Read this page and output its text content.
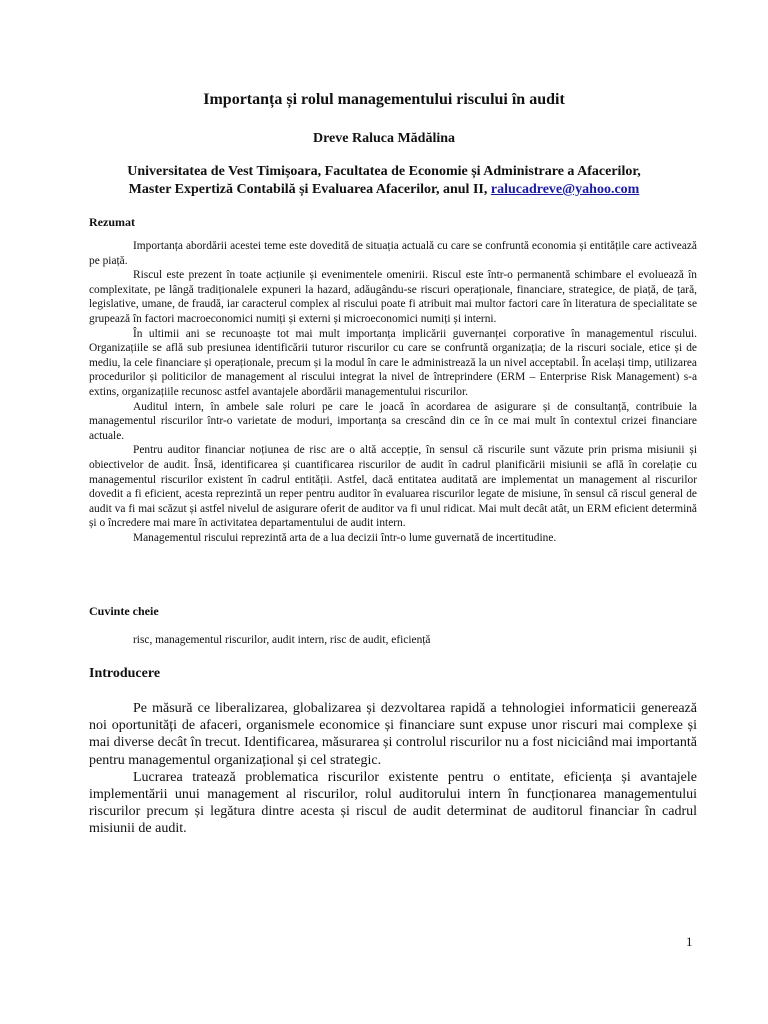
Importanța și rolul managementului riscului în audit
Dreve Raluca Mădălina
Universitatea de Vest Timișoara, Facultatea de Economie și Administrare a Afacerilor,
Master Expertiză Contabilă și Evaluarea Afacerilor, anul II, ralucadreve@yahoo.com
Rezumat

Importanța abordării acestei teme este dovedită de situația actuală cu care se confruntă economia și entitățile care activează pe piață.

Riscul este prezent în toate acțiunile și evenimentele omenirii. Riscul este într-o permanentă schimbare el evoluează în complexitate, pe lângă tradiționalele expuneri la hazard, adăugându-se riscuri operaționale, financiare, strategice, de piață, de țară, legislative, umane, de fraudă, iar caracterul complex al riscului poate fi atribuit mai multor factori care în literatura de specialitate se grupează în factori macroeconomici numiți și externi și microeconomici numiți și interni.

În ultimii ani se recunoaște tot mai mult importanța implicării guvernanței corporative în managementul riscului. Organizațiile se află sub presiunea identificării tuturor riscurilor cu care se confruntă organizația; de la riscuri sociale, etice și de mediu, la cele financiare și operaționale, precum și la modul în care le administrează la un nivel acceptabil. În același timp, utilizarea procedurilor și politicilor de management al riscului integrat la nivel de întreprindere (ERM – Enterprise Risk Management) s-a extins, organizațiile recunosc astfel avantajele abordării managementului riscurilor.

Auditul intern, în ambele sale roluri pe care le joacă în acordarea de asigurare și de consultanță, contribuie la managementul riscurilor într-o varietate de moduri, importanța sa crescând din ce în ce mai mult în contextul crizei financiare actuale.

Pentru auditor financiar noțiunea de risc are o altă accepție, în sensul că riscurile sunt văzute prin prisma misiunii și obiectivelor de audit. Însă, identificarea și cuantificarea riscurilor de audit în cadrul planificării misiunii se află în corelație cu managementul riscurilor existent în cadrul entității. Astfel, dacă entitatea auditată are implementat un management al riscurilor dovedit a fi eficient, acesta reprezintă un reper pentru auditor în evaluarea riscurilor legate de misiune, în sensul că riscul general de audit va fi mai scăzut și astfel nivelul de asigurare oferit de auditor va fi unul ridicat. Mai mult decât atât, un ERM eficient determină și o încredere mai mare în activitatea departamentului de audit intern.

Managementul riscului reprezintă arta de a lua decizii într-o lume guvernată de incertitudine.

Cuvinte cheie
risc, managementul riscurilor, audit intern, risc de audit, eficiență
Introducere

Pe măsură ce liberalizarea, globalizarea și dezvoltarea rapidă a tehnologiei informaticii generează noi oportunități de afaceri, organismele economice și financiare sunt expuse unor riscuri mai complexe și mai diverse decât în trecut. Identificarea, măsurarea și controlul riscurilor nu a fost niciciând mai importantă pentru managementul organizațional și cel strategic.

Lucrarea tratează problematica riscurilor existente pentru o entitate, eficiența și avantajele implementării unui management al riscurilor, rolul auditorului intern în funcționarea managementului riscurilor precum și legătura dintre acesta și riscul de audit determinat de auditorul financiar în cadrul misiunii de audit.

1
